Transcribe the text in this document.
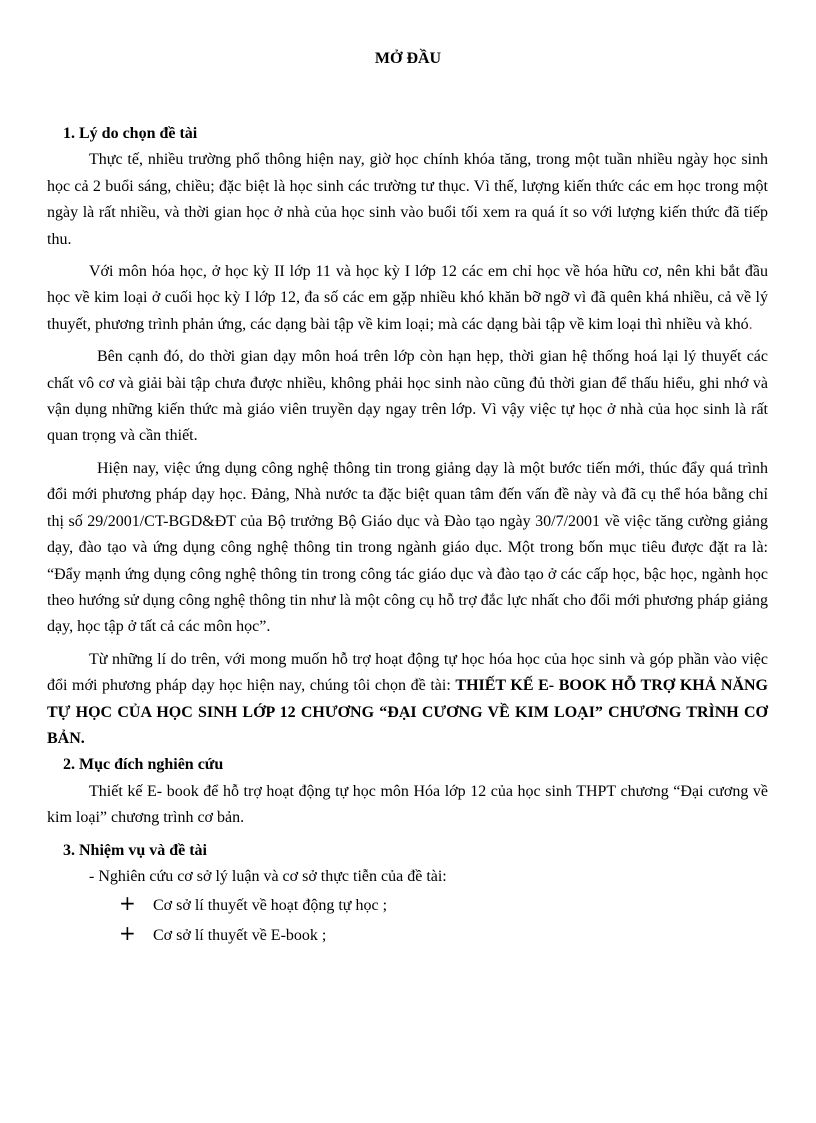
MỞ ĐẦU

1. Lý do chọn đề tài

Thực tế, nhiều trường phổ thông hiện nay, giờ học chính khóa tăng, trong một tuần nhiều ngày học sinh học cả 2 buổi sáng, chiều; đặc biệt là học sinh các trường tư thục. Vì thế, lượng kiến thức các em học trong một ngày là rất nhiều, và thời gian học ở nhà của học sinh vào buổi tối xem ra quá ít so với lượng kiến thức đã tiếp thu.

Với môn hóa học, ở học kỳ II lớp 11 và học kỳ I lớp 12 các em chỉ học về hóa hữu cơ, nên khi bắt đầu học về kim loại ở cuối học kỳ I lớp 12, đa số các em gặp nhiều khó khăn bỡ ngỡ vì đã quên khá nhiều, cả về lý thuyết, phương trình phản ứng, các dạng bài tập về kim loại; mà các dạng bài tập về kim loại thì nhiều và khó.

Bên cạnh đó, do thời gian dạy môn hoá trên lớp còn hạn hẹp, thời gian hệ thống hoá lại lý thuyết các chất vô cơ và giải bài tập chưa được nhiều, không phải học sinh nào cũng đủ thời gian để thấu hiểu, ghi nhớ và vận dụng những kiến thức mà giáo viên truyền dạy ngay trên lớp. Vì vậy việc tự học ở nhà của học sinh là rất quan trọng và cần thiết.

Hiện nay, việc ứng dụng công nghệ thông tin trong giảng dạy là một bước tiến mới, thúc đẩy quá trình đổi mới phương pháp dạy học. Đảng, Nhà nước ta đặc biệt quan tâm đến vấn đề này và đã cụ thể hóa bằng chỉ thị số 29/2001/CT-BGD&ĐT của Bộ trưởng Bộ Giáo dục và Đào tạo ngày 30/7/2001 về việc tăng cường giảng dạy, đào tạo và ứng dụng công nghệ thông tin trong ngành giáo dục. Một trong bốn mục tiêu được đặt ra là: “Đẩy mạnh ứng dụng công nghệ thông tin trong công tác giáo dục và đào tạo ở các cấp học, bậc học, ngành học theo hướng sử dụng công nghệ thông tin như là một công cụ hỗ trợ đắc lực nhất cho đổi mới phương pháp giảng dạy, học tập ở tất cả các môn học”.

Từ những lí do trên, với mong muốn hỗ trợ hoạt động tự học hóa học của học sinh và góp phần vào việc đổi mới phương pháp dạy học hiện nay, chúng tôi chọn đề tài: THIẾT KẾ E- BOOK HỖ TRỢ KHẢ NĂNG TỰ HỌC CỦA HỌC SINH LỚP 12 CHƯƠNG “ĐẠI CƯƠNG VỀ KIM LOẠI” CHƯƠNG TRÌNH CƠ BẢN.

2. Mục đích nghiên cứu

Thiết kế E- book để hỗ trợ hoạt động tự học môn Hóa lớp 12 của học sinh THPT chương “Đại cương về kim loại” chương trình cơ bản.

3. Nhiệm vụ và đề tài

- Nghiên cứu cơ sở lý luận và cơ sở thực tiễn của đề tài:

+	Cơ sở lí thuyết về hoạt động tự học ;

+	Cơ sở lí thuyết về E-book ;
